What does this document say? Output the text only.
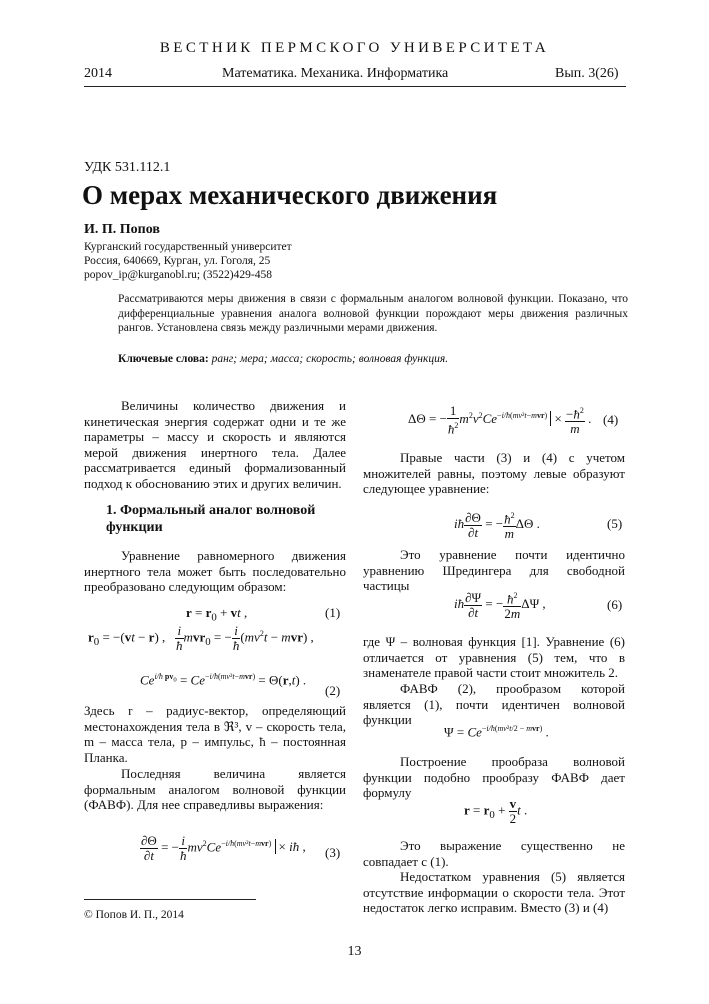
ВЕСТНИК ПЕРМСКОГО УНИВЕРСИТЕТА
2014	Математика. Механика. Информатика	Вып. 3(26)
УДК 531.112.1
О мерах механического движения
И. П. Попов
Курганский государственный университет
Россия, 640669, Курган, ул. Гоголя, 25
popov_ip@kurganobl.ru; (3522)429-458
Рассматриваются меры движения в связи с формальным аналогом волновой функции. Показано, что дифференциальные уравнения аналога волновой функции порождают меры движения различных рангов. Установлена связь между различными мерами движения.
Ключевые слова: ранг; мера; масса; скорость; волновая функция.
Величины количество движения и кинетическая энергия содержат одни и те же параметры – массу и скорость и являются мерой движения инертного тела. Далее рассматривается единый формализованный подход к обоснованию этих и других величин.
1. Формальный аналог волновой функции
Уравнение равномерного движения инертного тела может быть последовательно преобразовано следующим образом:
$r = r_0$ + vt ,	(1)
$r_0 = -(vt - r)$ , $\frac{i}{ħ} mvr_0$ = − $\frac{i}{ħ} (mv^2t - mvr)$ ,
$Ce^{i/ħ pv_0} = Ce^{-i/ħ(mv^2t-mvr)} = \Theta(r,t)$ .
(2)
Здесь r – радиус-вектор, определяющий местонахождения тела в ℜ³, v – скорость тела, m – масса тела, p – импульс, ħ – постоянная Планка.
Последняя величина является формальным аналогом волновой функции (ФАВФ). Для нее справедливы выражения:
$\frac{\partial\Theta}{\partial t}$ = − $\frac{i}{ħ} mv^2Ce^{-i/ħ(mv^2t-mvr)}$ × iħ , (3)
© Попов И. П., 2014
ΔΘ = − $\frac{1}{ħ^2} m^2v^2Ce^{-i/ħ(mv^2t-mvr)} \times \frac{-ħ^2}{m}$ . (4)
Правые части (3) и (4) с учетом множителей равны, поэтому левые образуют следующее уравнение:
iħ $\frac{\partial\Theta}{\partial t}$ = − $\frac{ħ^2}{m}$ ΔΘ .	(5)
Это уравнение почти идентично уравнению Шредингера для свободной частицы
iħ $\frac{\partial\Psi}{\partial t}$ = − $\frac{ħ^2}{2m}$ ΔΨ ,	(6)
где Ψ – волновая функция [1]. Уравнение (6) отличается от уравнения (5) тем, что в знаменателе правой части стоит множитель 2.
ФАВФ (2), прообразом которой является (1), почти идентичен волновой функции
$\Psi = Ce^{-i/ħ(mv^2t/2 - mvr)}$ .
Построение прообраза волновой функции подобно прообразу ФАВФ дает формулу
$r = r_0 + \frac{v}{2}$ t .
Это выражение существенно не совпадает с (1).
Недостатком уравнения (5) является отсутствие информации о скорости тела. Этот недостаток легко исправим. Вместо (3) и (4)
13
